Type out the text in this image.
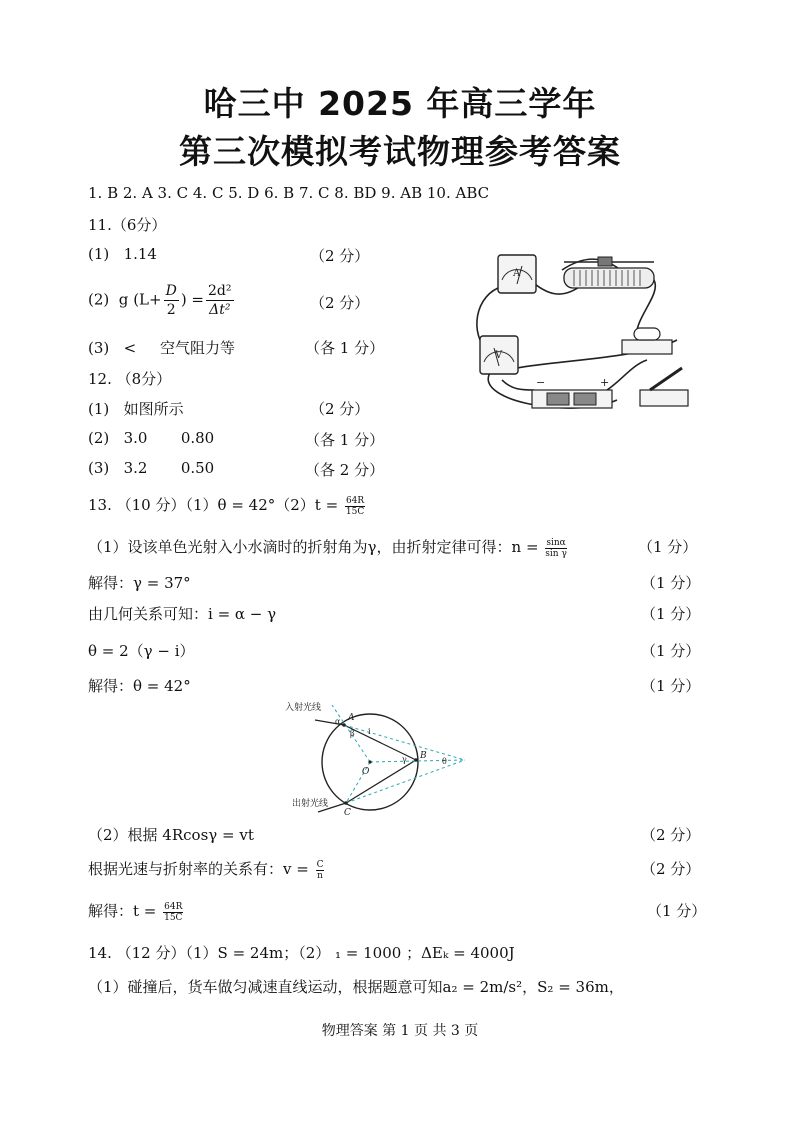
哈三中 2025 年高三学年
第三次模拟考试物理参考答案
1. B 2. A 3. C 4. C 5. D 6. B 7. C 8. BD 9. AB 10. ABC
11.（6分）
(1) 1.14	（2 分）
(2) g ($L+ \frac{D}{2}$ ) = $\frac{\text{2d²}}{\text{Δt²}}$	（2 分）
(3) < 空气阻力等	（各 1 分）
12. （8分）
(1) 如图所示	（2 分）
(2) 3.0 0.80	（各 1 分）
(3) 3.2 0.50	（各 2 分）
A
V
−	+
13. （10 分）$(1)\theta = 42^\circ(2)t = \frac{64R}{15C}$
（1）设该单色光射入小水滴时的折射角为γ，由折射定律可得：$n = \frac{\sin\alpha}{\text{sin γ}}$	（1 分）
解得：γ = 37°	（1 分）
由几何关系可知：i = α − γ	（1 分）
θ = 2（γ − i）	（1 分）
解得：θ = 42°	（1 分）
入射光线
出射光线
A
B
C
O
α
β i
γ	θ
（2）根据 4Rcosγ = vt	（2 分）
根据光速与折射率的关系有：$v = \frac{C}{n}$	（2 分）
解得：$t = \frac{64R}{15C}$	（1 分）
14. （12 分）（1）S = 24m；（2） ₁ = 1000 ；ΔEₖ = 4000J
（1）碰撞后，货车做匀减速直线运动，根据题意可知a₂ = 2m/s²，S₂ = 36m，
物理答案 第 1 页 共 3 页
